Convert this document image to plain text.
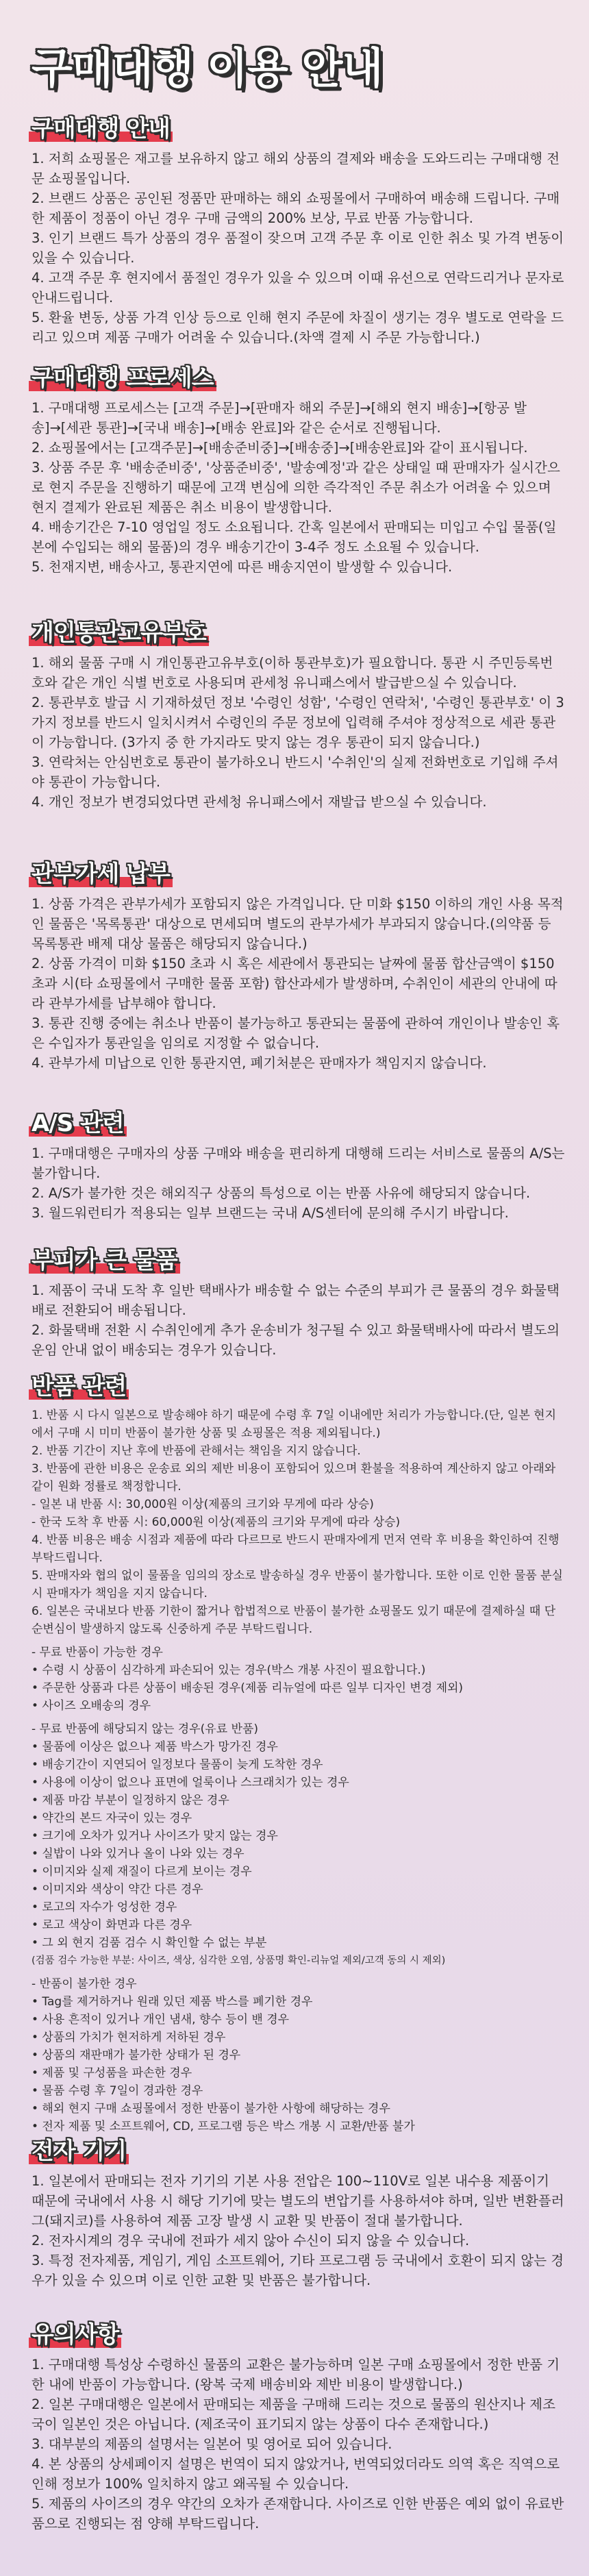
구매대행 이용 안내
구매대행 안내

1. 저희 쇼핑몰은 재고를 보유하지 않고 해외 상품의 결제와 배송을 도와드리는 구매대행 전문 쇼핑몰입니다.

2. 브랜드 상품은 공인된 정품만 판매하는 해외 쇼핑몰에서 구매하여 배송해 드립니다. 구매한 제품이 정품이 아닌 경우 구매 금액의 200% 보상, 무료 반품 가능합니다.

3. 인기 브랜드 특가 상품의 경우 품절이 잦으며 고객 주문 후 이로 인한 취소 및 가격 변동이 있을 수 있습니다.

4. 고객 주문 후 현지에서 품절인 경우가 있을 수 있으며 이때 유선으로 연락드리거나 문자로 안내드립니다.

5. 환율 변동, 상품 가격 인상 등으로 인해 현지 주문에 차질이 생기는 경우 별도로 연락을 드리고 있으며 제품 구매가 어려울 수 있습니다.(차액 결제 시 주문 가능합니다.)

구매대행 프로세스

1. 구매대행 프로세스는 [고객 주문]→[판매자 해외 주문]→[해외 현지 배송]→[항공 발송]→[세관 통관]→[국내 배송]→[배송 완료]와 같은 순서로 진행됩니다.

2. 쇼핑몰에서는 [고객주문]→[배송준비중]→[배송중]→[배송완료]와 같이 표시됩니다.

3. 상품 주문 후 '배송준비중', '상품준비중', '발송예정'과 같은 상태일 때 판매자가 실시간으로 현지 주문을 진행하기 때문에 고객 변심에 의한 즉각적인 주문 취소가 어려울 수 있으며 현지 결제가 완료된 제품은 취소 비용이 발생합니다.

4. 배송기간은 7-10 영업일 정도 소요됩니다. 간혹 일본에서 판매되는 미입고 수입 물품(일본에 수입되는 해외 물품)의 경우 배송기간이 3-4주 정도 소요될 수 있습니다.

5. 천재지변, 배송사고, 통관지연에 따른 배송지연이 발생할 수 있습니다.

개인통관고유부호

1. 해외 물품 구매 시 개인통관고유부호(이하 통관부호)가 필요합니다. 통관 시 주민등록번호와 같은 개인 식별 번호로 사용되며 관세청 유니패스에서 발급받으실 수 있습니다.

2. 통관부호 발급 시 기재하셨던 정보 '수령인 성함', '수령인 연락처', '수령인 통관부호' 이 3가지 정보를 반드시 일치시켜서 수령인의 주문 정보에 입력해 주셔야 정상적으로 세관 통관이 가능합니다. (3가지 중 한 가지라도 맞지 않는 경우 통관이 되지 않습니다.)

3. 연락처는 안심번호로 통관이 불가하오니 반드시 '수취인'의 실제 전화번호로 기입해 주셔야 통관이 가능합니다.

4. 개인 정보가 변경되었다면 관세청 유니패스에서 재발급 받으실 수 있습니다.

관부가세 납부

1. 상품 가격은 관부가세가 포함되지 않은 가격입니다. 단 미화 $150 이하의 개인 사용 목적인 물품은 '목록통관' 대상으로 면세되며 별도의 관부가세가 부과되지 않습니다.(의약품 등 목록통관 배제 대상 물품은 해당되지 않습니다.)

2. 상품 가격이 미화 $150 초과 시 혹은 세관에서 통관되는 날짜에 물품 합산금액이 $150 초과 시(타 쇼핑몰에서 구매한 물품 포함) 합산과세가 발생하며, 수취인이 세관의 안내에 따라 관부가세를 납부해야 합니다.

3. 통관 진행 중에는 취소나 반품이 불가능하고 통관되는 물품에 관하여 개인이나 발송인 혹은 수입자가 통관일을 임의로 지정할 수 없습니다.

4. 관부가세 미납으로 인한 통관지연, 폐기처분은 판매자가 책임지지 않습니다.

A/S 관련

1. 구매대행은 구매자의 상품 구매와 배송을 편리하게 대행해 드리는 서비스로 물품의 A/S는 불가합니다.

2. A/S가 불가한 것은 해외직구 상품의 특성으로 이는 반품 사유에 해당되지 않습니다.

3. 월드워런티가 적용되는 일부 브랜드는 국내 A/S센터에 문의해 주시기 바랍니다.

부피가 큰 물품

1. 제품이 국내 도착 후 일반 택배사가 배송할 수 없는 수준의 부피가 큰 물품의 경우 화물택배로 전환되어 배송됩니다.

2. 화물택배 전환 시 수취인에게 추가 운송비가 청구될 수 있고 화물택배사에 따라서 별도의 운임 안내 없이 배송되는 경우가 있습니다.

반품 관련

1. 반품 시 다시 일본으로 발송해야 하기 때문에 수령 후 7일 이내에만 처리가 가능합니다.(단, 일본 현지에서 구매 시 미미 반품이 불가한 상품 및 쇼핑몰은 적용 제외됩니다.)

2. 반품 기간이 지난 후에 반품에 관해서는 책임을 지지 않습니다.

3. 반품에 관한 비용은 운송료 외의 제반 비용이 포함되어 있으며 환불을 적용하여 계산하지 않고 아래와 같이 원화 정률로 책정합니다.

- 일본 내 반품 시: 30,000원 이상(제품의 크기와 무게에 따라 상승)

- 한국 도착 후 반품 시: 60,000원 이상(제품의 크기와 무게에 따라 상승)

4. 반품 비용은 배송 시점과 제품에 따라 다르므로 반드시 판매자에게 먼저 연락 후 비용을 확인하여 진행 부탁드립니다.

5. 판매자와 협의 없이 물품을 임의의 장소로 발송하실 경우 반품이 불가합니다. 또한 이로 인한 물품 분실 시 판매자가 책임을 지지 않습니다.

6. 일본은 국내보다 반품 기한이 짧거나 합법적으로 반품이 불가한 쇼핑몰도 있기 때문에 결제하실 때 단순변심이 발생하지 않도록 신중하게 주문 부탁드립니다.

- 무료 반품이 가능한 경우

• 수령 시 상품이 심각하게 파손되어 있는 경우(박스 개봉 사진이 필요합니다.)

• 주문한 상품과 다른 상품이 배송된 경우(제품 리뉴얼에 따른 일부 디자인 변경 제외)

• 사이즈 오배송의 경우

- 무료 반품에 해당되지 않는 경우(유료 반품)

• 물품에 이상은 없으나 제품 박스가 망가진 경우

• 배송기간이 지연되어 일정보다 물품이 늦게 도착한 경우

• 사용에 이상이 없으나 표면에 얼룩이나 스크래치가 있는 경우

• 제품 마감 부분이 일정하지 않은 경우

• 약간의 본드 자국이 있는 경우

• 크기에 오차가 있거나 사이즈가 맞지 않는 경우

• 실밥이 나와 있거나 올이 나와 있는 경우

• 이미지와 실제 재질이 다르게 보이는 경우

• 이미지와 색상이 약간 다른 경우

• 로고의 자수가 엉성한 경우

• 로고 색상이 화면과 다른 경우

• 그 외 현지 검품 검수 시 확인할 수 없는 부분

(검품 검수 가능한 부분: 사이즈, 색상, 심각한 오염, 상품명 확인-리뉴얼 제외/고객 동의 시 제외)

- 반품이 불가한 경우

• Tag를 제거하거나 원래 있던 제품 박스를 폐기한 경우

• 사용 흔적이 있거나 개인 냄새, 향수 등이 밴 경우

• 상품의 가치가 현저하게 저하된 경우

• 상품의 재판매가 불가한 상태가 된 경우

• 제품 및 구성품을 파손한 경우

• 물품 수령 후 7일이 경과한 경우

• 해외 현지 구매 쇼핑몰에서 정한 반품이 불가한 사항에 해당하는 경우

• 전자 제품 및 소프트웨어, CD, 프로그램 등은 박스 개봉 시 교환/반품 불가

전자 기기

1. 일본에서 판매되는 전자 기기의 기본 사용 전압은 100~110V로 일본 내수용 제품이기 때문에 국내에서 사용 시 해당 기기에 맞는 별도의 변압기를 사용하셔야 하며, 일반 변환플러그(돼지코)를 사용하여 제품 고장 발생 시 교환 및 반품이 절대 불가합니다.

2. 전자시계의 경우 국내에 전파가 세지 않아 수신이 되지 않을 수 있습니다.

3. 특정 전자제품, 게임기, 게임 소프트웨어, 기타 프로그램 등 국내에서 호환이 되지 않는 경우가 있을 수 있으며 이로 인한 교환 및 반품은 불가합니다.

유의사항

1. 구매대행 특성상 수령하신 물품의 교환은 불가능하며 일본 구매 쇼핑몰에서 정한 반품 기한 내에 반품이 가능합니다. (왕복 국제 배송비와 제반 비용이 발생합니다.)

2. 일본 구매대행은 일본에서 판매되는 제품을 구매해 드리는 것으로 물품의 원산지나 제조국이 일본인 것은 아닙니다. (제조국이 표기되지 않는 상품이 다수 존재합니다.)

3. 대부분의 제품의 설명서는 일본어 및 영어로 되어 있습니다.

4. 본 상품의 상세페이지 설명은 번역이 되지 않았거나, 번역되었더라도 의역 혹은 직역으로 인해 정보가 100% 일치하지 않고 왜곡될 수 있습니다.

5. 제품의 사이즈의 경우 약간의 오차가 존재합니다. 사이즈로 인한 반품은 예외 없이 유료반품으로 진행되는 점 양해 부탁드립니다.
